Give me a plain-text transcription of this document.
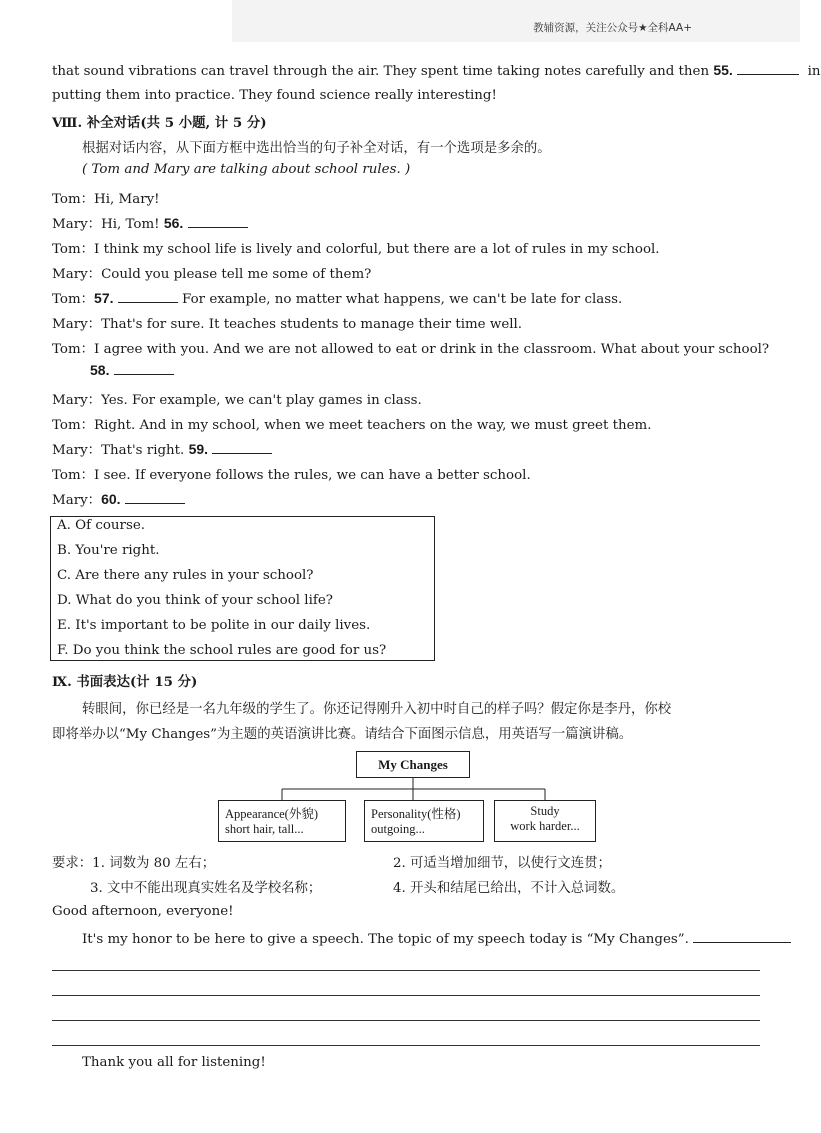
教辅资源，关注公众号★全科AA+
that sound vibrations can travel through the air. They spent time taking notes carefully and then 55.	in
putting them into practice. They found science really interesting!
Ⅷ. 补全对话(共 5 小题, 计 5 分)
根据对话内容，从下面方框中选出恰当的句子补全对话，有一个选项是多余的。
( Tom and Mary are talking about school rules. )
Tom：Hi, Mary!
Mary：Hi, Tom! 56.
Tom：I think my school life is lively and colorful, but there are a lot of rules in my school.
Mary：Could you please tell me some of them?
Tom：57.	For example, no matter what happens, we can't be late for class.
Mary：That's for sure. It teaches students to manage their time well.
Tom：I agree with you. And we are not allowed to eat or drink in the classroom. What about your school?
58.
Mary：Yes. For example, we can't play games in class.
Tom：Right. And in my school, when we meet teachers on the way, we must greet them.
Mary：That's right. 59.
Tom：I see. If everyone follows the rules, we can have a better school.
Mary：60.
A. Of course.
B. You're right.
C. Are there any rules in your school?
D. What do you think of your school life?
E. It's important to be polite in our daily lives.
F. Do you think the school rules are good for us?
Ⅸ. 书面表达(计 15 分)
转眼间，你已经是一名九年级的学生了。你还记得刚升入初中时自己的样子吗？假定你是李丹，你校
即将举办以“My Changes”为主题的英语演讲比赛。请结合下面图示信息，用英语写一篇演讲稿。
My Changes
Appearance(外貌)
short hair, tall...
Personality(性格)
outgoing...
Study
work harder...
要求：1. 词数为 80 左右；	2. 可适当增加细节，以使行文连贯；
3. 文中不能出现真实姓名及学校名称；	4. 开头和结尾已给出，不计入总词数。
Good afternoon, everyone!
It's my honor to be here to give a speech. The topic of my speech today is “My Changes”.
Thank you all for listening!
